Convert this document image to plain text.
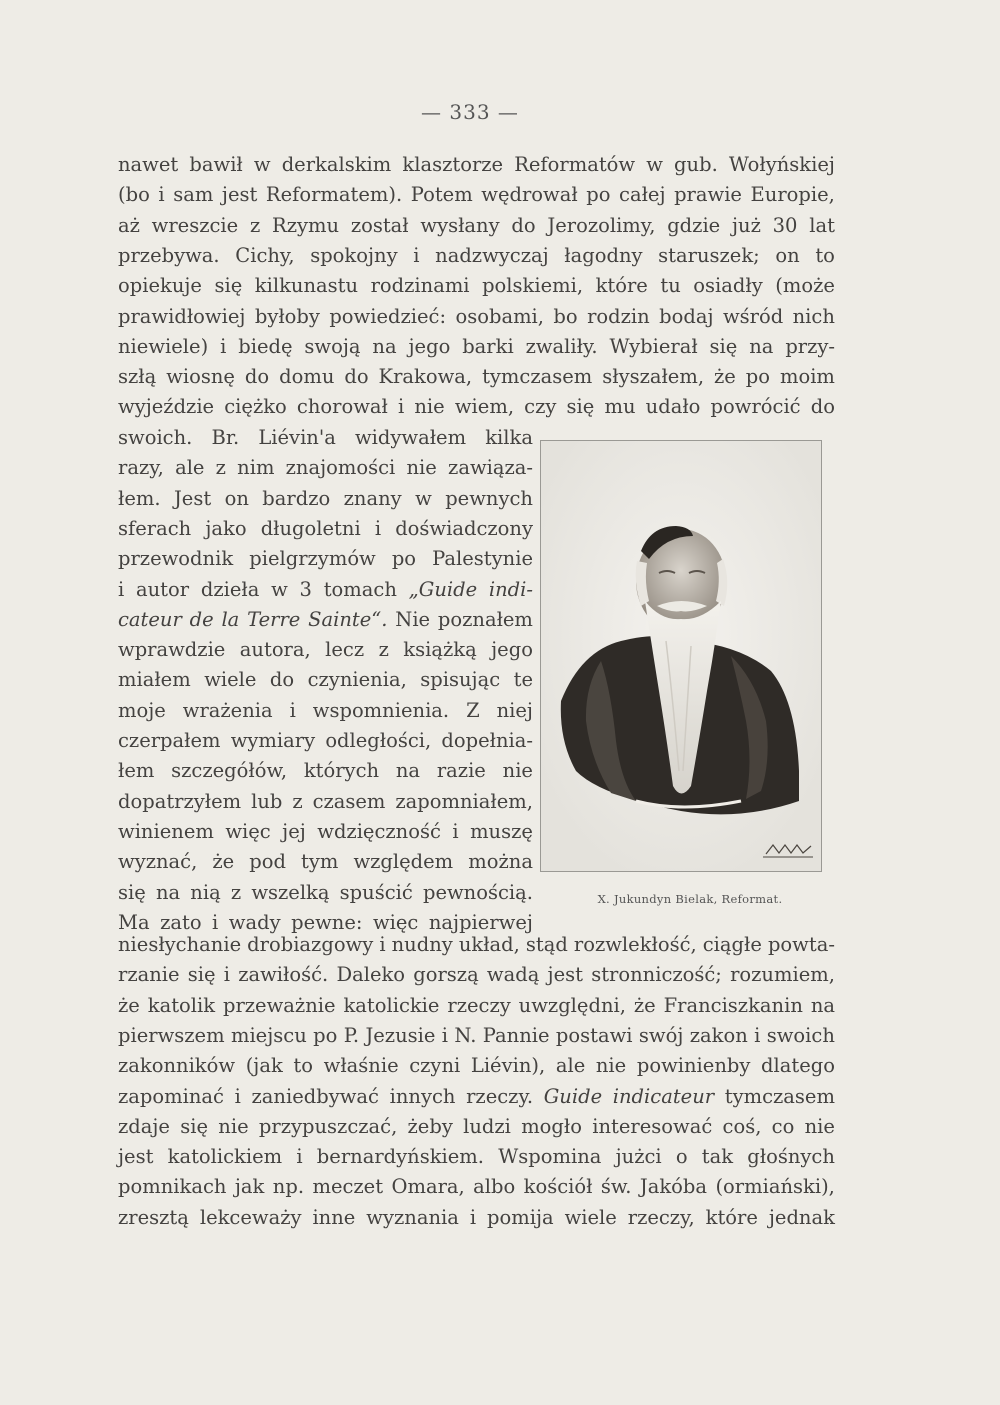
— 333 —
nawet bawił w derkalskim klasztorze Reformatów w gub. Wołyńskiej
(bo i sam jest Reformatem). Potem wędrował po całej prawie Europie,
aż wreszcie z Rzymu został wysłany do Jerozolimy, gdzie już 30 lat
przebywa. Cichy, spokojny i nadzwyczaj łagodny staruszek; on to
opiekuje się kilkunastu rodzinami polskiemi, które tu osiadły (może
prawidłowiej byłoby powiedzieć: osobami, bo rodzin bodaj wśród nich
niewiele) i biedę swoją na jego barki zwaliły. Wybierał się na przy-
szłą wiosnę do domu do Krakowa, tymczasem słyszałem, że po moim
wyjeździe ciężko chorował i nie wiem, czy się mu udało powrócić do
swoich. Br. Liévin'a widywałem kilka
razy, ale z nim znajomości nie zawiąza-
łem. Jest on bardzo znany w pewnych
sferach jako długoletni i doświadczony
przewodnik pielgrzymów po Palestynie
i autor dzieła w 3 tomach „Guide indi-
cateur de la Terre Sainte“. Nie poznałem
wprawdzie autora, lecz z książką jego
miałem wiele do czynienia, spisując te
moje wrażenia i wspomnienia. Z niej
czerpałem wymiary odległości, dopełnia-
łem szczegółów, których na razie nie
dopatrzyłem lub z czasem zapomniałem,
winienem więc jej wdzięczność i muszę
wyznać, że pod tym względem można
się na nią z wszelką spuścić pewnością.
Ma zato i wady pewne: więc najpierwej
niesłychanie drobiazgowy i nudny układ, stąd rozwlekłość, ciągłe powta-
rzanie się i zawiłość. Daleko gorszą wadą jest stronniczość; rozumiem,
że katolik przeważnie katolickie rzeczy uwzględni, że Franciszkanin na
pierwszem miejscu po P. Jezusie i N. Pannie postawi swój zakon i swoich
zakonników (jak to właśnie czyni Liévin), ale nie powinienby dlatego
zapominać i zaniedbywać innych rzeczy. Guide indicateur tymczasem
zdaje się nie przypuszczać, żeby ludzi mogło interesować coś, co nie
jest katolickiem i bernardyńskiem. Wspomina jużci o tak głośnych
pomnikach jak np. meczet Omara, albo kościół św. Jakóba (ormiański),
zresztą lekceważy inne wyznania i pomija wiele rzeczy, które jednak
X. Jukundyn Bielak, Reformat.
